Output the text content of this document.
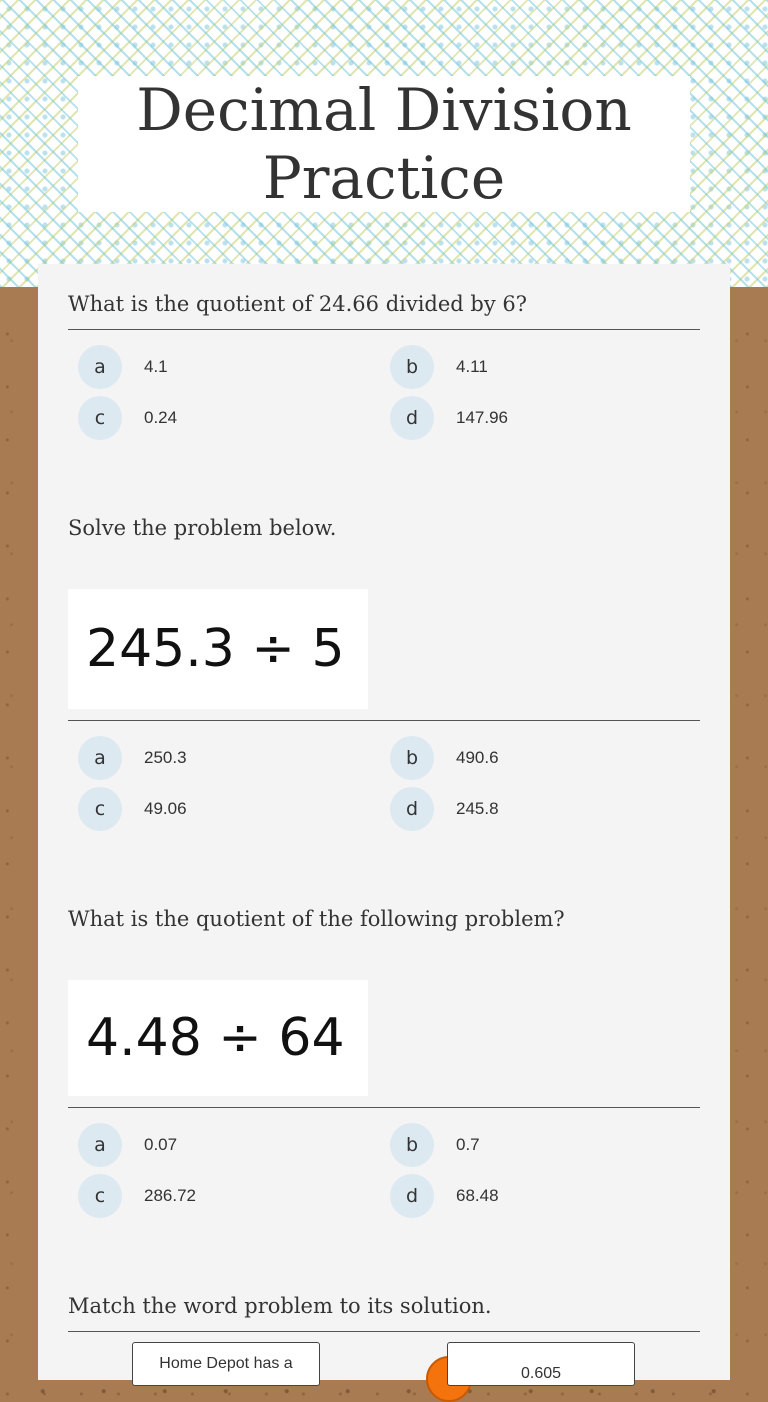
Decimal Division
Practice
What is the quotient of 24.66 divided by 6?
a	4.1	b	4.11
c	0.24	d	147.96
Solve the problem below.
245.3 ÷ 5
a	250.3	b	490.6
c	49.06	d	245.8
What is the quotient of the following problem?
4.48 ÷ 64
a	0.07	b	0.7
c	286.72	d	68.48
Match the word problem to its solution.
Home Depot has a
0.605
